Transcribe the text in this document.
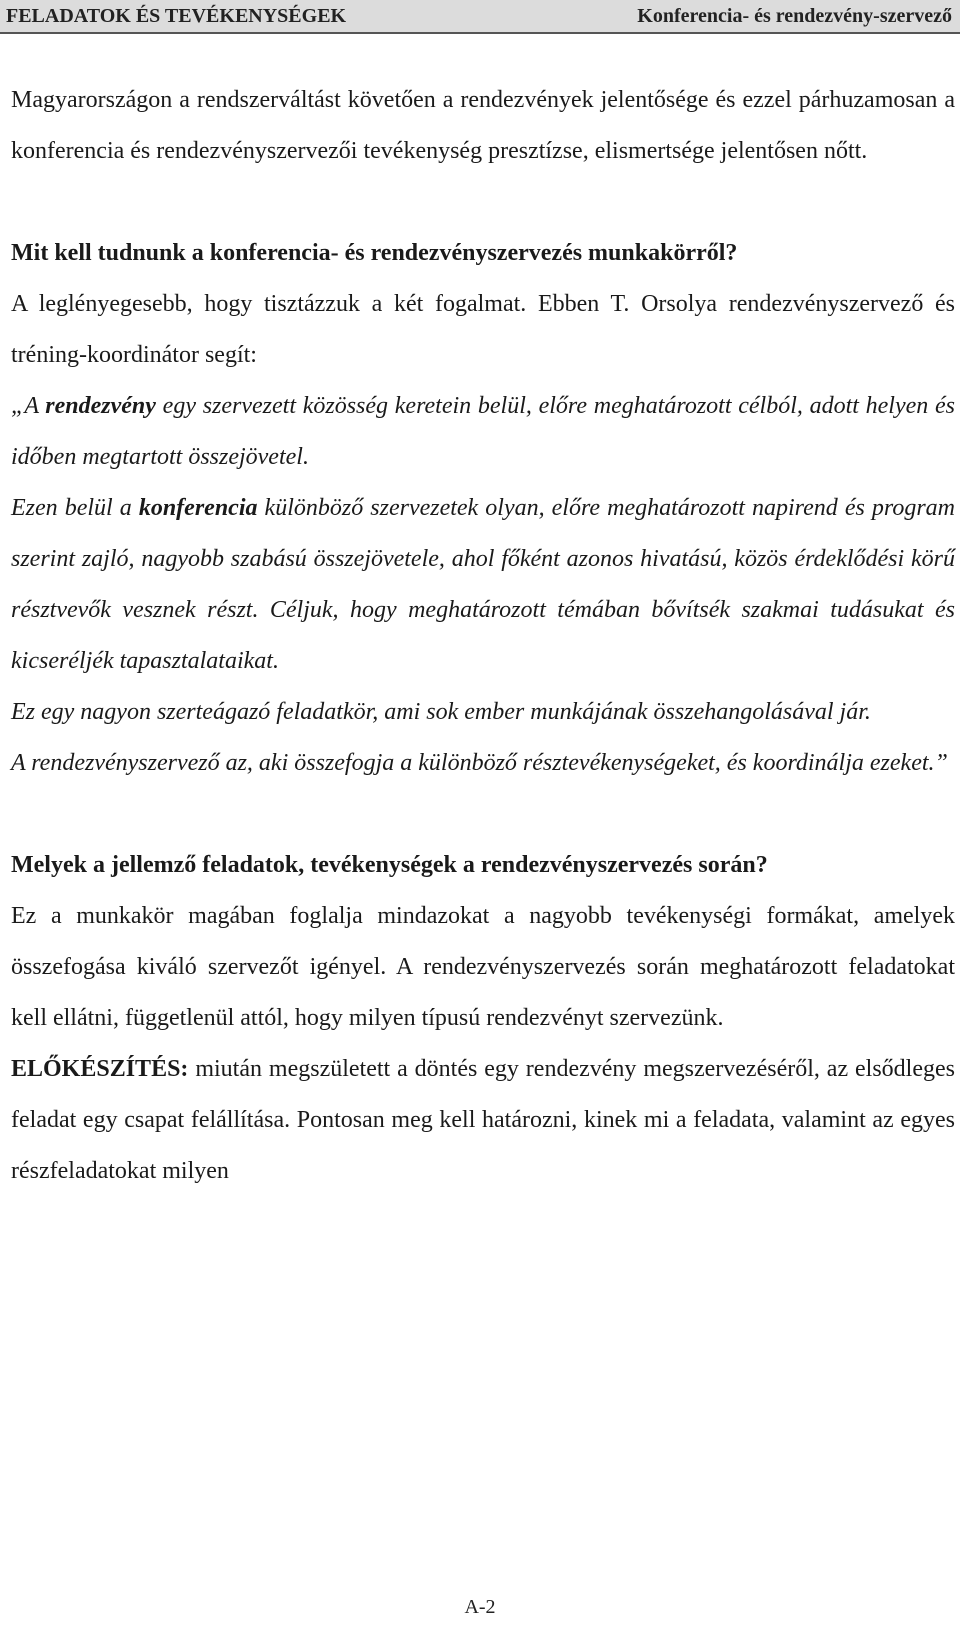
FELADATOK ÉS TEVÉKENYSÉGEK	Konferencia- és rendezvény-szervező

Magyarországon a rendszerváltást követően a rendezvények jelentősége és ezzel párhuzamosan a konferencia és rendezvényszervezői tevékenység presztízse, elismertsége jelentősen nőtt.

Mit kell tudnunk a konferencia- és rendezvényszervezés munkakörről?

A leglényegesebb, hogy tisztázzuk a két fogalmat. Ebben T. Orsolya rendezvényszervező és tréning-koordinátor segít:

„A rendezvény egy szervezett közösség keretein belül, előre meghatározott célból, adott helyen és időben megtartott összejövetel.

Ezen belül a konferencia különböző szervezetek olyan, előre meghatározott napirend és program szerint zajló, nagyobb szabású összejövetele, ahol főként azonos hivatású, közös érdeklődési körű résztvevők vesznek részt. Céljuk, hogy meghatározott témában bővítsék szakmai tudásukat és kicseréljék tapasztalataikat.

Ez egy nagyon szerteágazó feladatkör, ami sok ember munkájának összehangolásával jár.

A rendezvényszervező az, aki összefogja a különböző résztevékenységeket, és koordinálja ezeket.”

Melyek a jellemző feladatok, tevékenységek a rendezvényszervezés során?

Ez a munkakör magában foglalja mindazokat a nagyobb tevékenységi formákat, amelyek összefogása kiváló szervezőt igényel. A rendezvényszervezés során meghatározott feladatokat kell ellátni, függetlenül attól, hogy milyen típusú rendezvényt szervezünk.

ELŐKÉSZÍTÉS: miután megszületett a döntés egy rendezvény megszervezéséről, az elsődleges feladat egy csapat felállítása. Pontosan meg kell határozni, kinek mi a feladata, valamint az egyes részfeladatokat milyen

A-2
